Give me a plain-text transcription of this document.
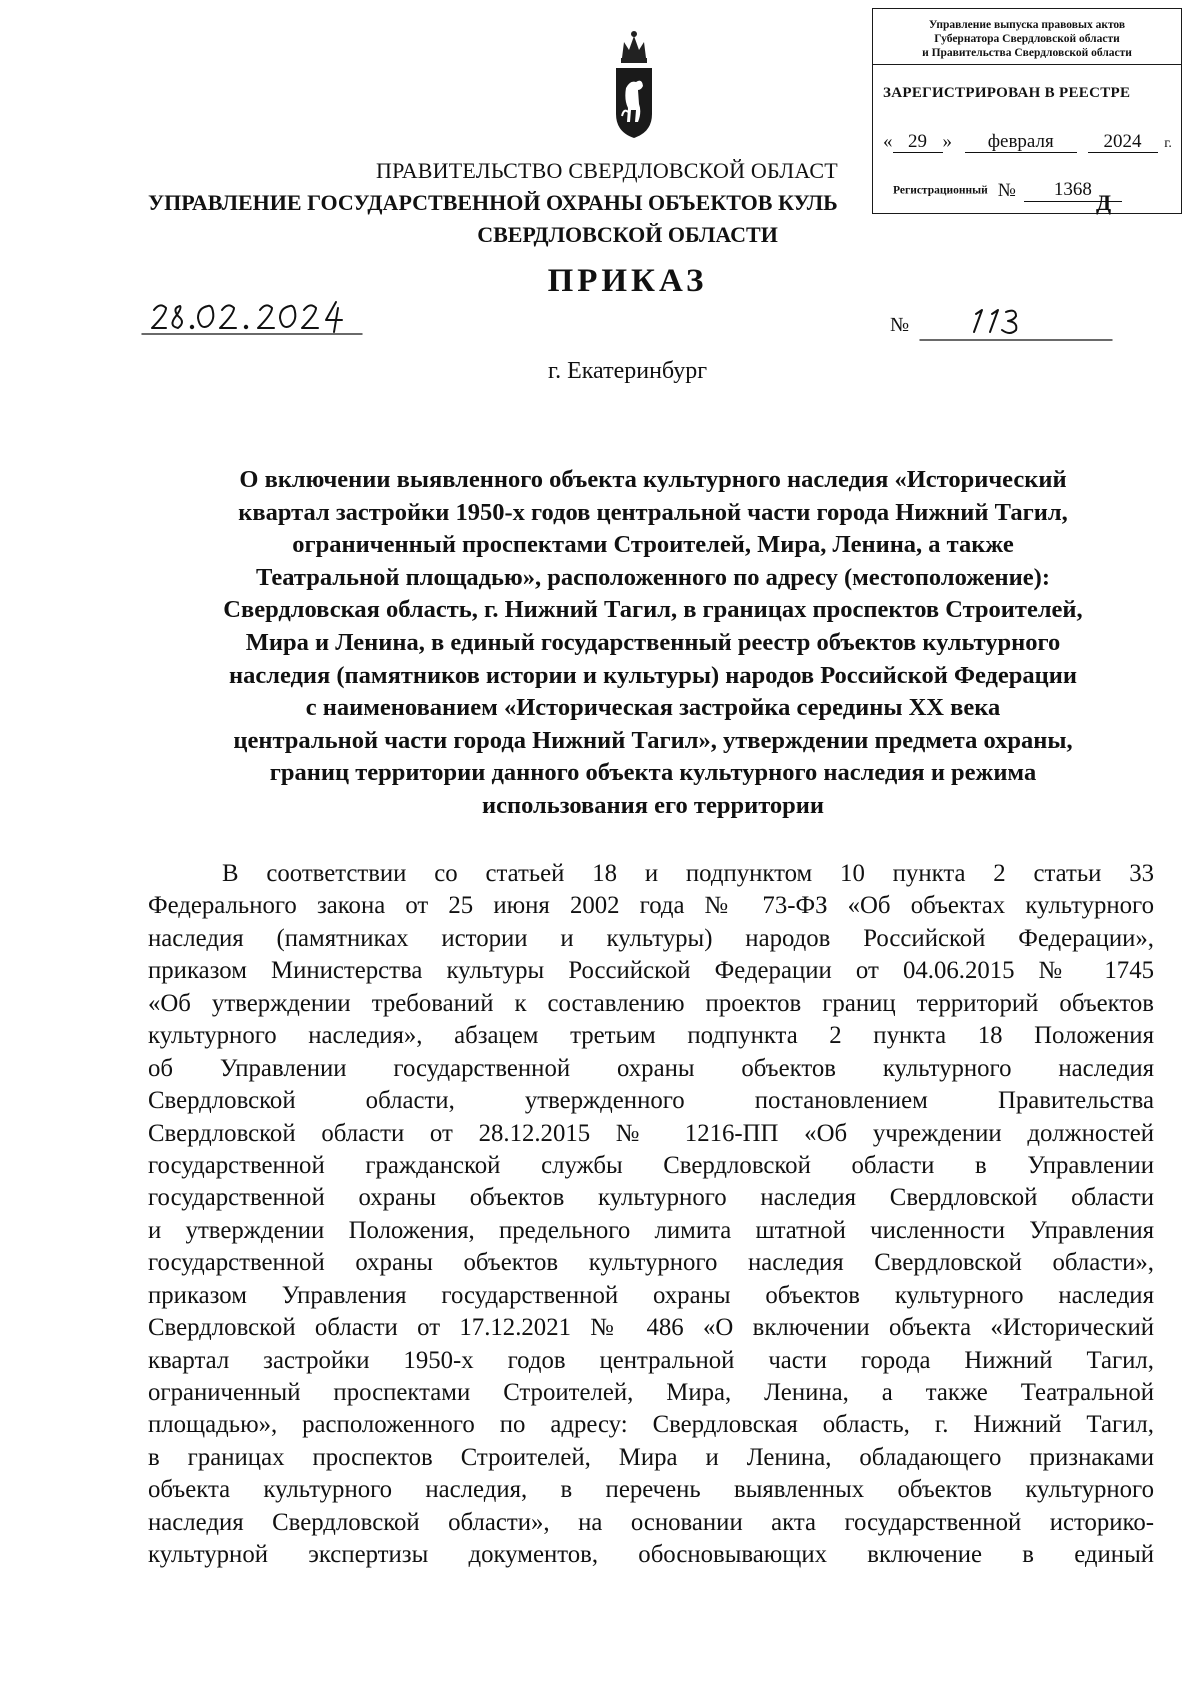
Управление выпуска правовых актов
Губернатора Свердловской области
и Правительства Свердловской области
ЗАРЕГИСТРИРОВАН В РЕЕСТРЕ
« 29 » февраля	2024 г.
Регистрационный № 1368
ПРАВИТЕЛЬСТВО СВЕРДЛОВСКОЙ ОБЛАСТ
УПРАВЛЕНИЕ ГОСУДАРСТВЕННОЙ ОХРАНЫ ОБЪЕКТОВ КУЛЬ	Д
СВЕРДЛОВСКОЙ ОБЛАСТИ
ПРИКАЗ
№
г. Екатеринбург
О включении выявленного объекта культурного наследия «Исторический
квартал застройки 1950-х годов центральной части города Нижний Тагил,
ограниченный проспектами Строителей, Мира, Ленина, а также
Театральной площадью», расположенного по адресу (местоположение):
Свердловская область, г. Нижний Тагил, в границах проспектов Строителей,
Мира и Ленина, в единый государственный реестр объектов культурного
наследия (памятников истории и культуры) народов Российской Федерации
с наименованием «Историческая застройка середины XX века
центральной части города Нижний Тагил», утверждении предмета охраны,
границ территории данного объекта культурного наследия и режима
использования его территории
В соответствии со статьей 18 и подпунктом 10 пункта 2 статьи 33
Федерального закона от 25 июня 2002 года № 73-ФЗ «Об объектах культурного
наследия (памятниках истории и культуры) народов Российской Федерации»,
приказом Министерства культуры Российской Федерации от 04.06.2015 № 1745
«Об утверждении требований к составлению проектов границ территорий объектов
культурного наследия», абзацем третьим подпункта 2 пункта 18 Положения
об Управлении государственной охраны объектов культурного наследия
Свердловской области, утвержденного постановлением Правительства
Свердловской области от 28.12.2015 № 1216-ПП «Об учреждении должностей
государственной гражданской службы Свердловской области в Управлении
государственной охраны объектов культурного наследия Свердловской области
и утверждении Положения, предельного лимита штатной численности Управления
государственной охраны объектов культурного наследия Свердловской области»,
приказом Управления государственной охраны объектов культурного наследия
Свердловской области от 17.12.2021 № 486 «О включении объекта «Исторический
квартал застройки 1950-х годов центральной части города Нижний Тагил,
ограниченный проспектами Строителей, Мира, Ленина, а также Театральной
площадью», расположенного по адресу: Свердловская область, г. Нижний Тагил,
в границах проспектов Строителей, Мира и Ленина, обладающего признаками
объекта культурного наследия, в перечень выявленных объектов культурного
наследия Свердловской области», на основании акта государственной историко-
культурной экспертизы документов, обосновывающих включение в единый
